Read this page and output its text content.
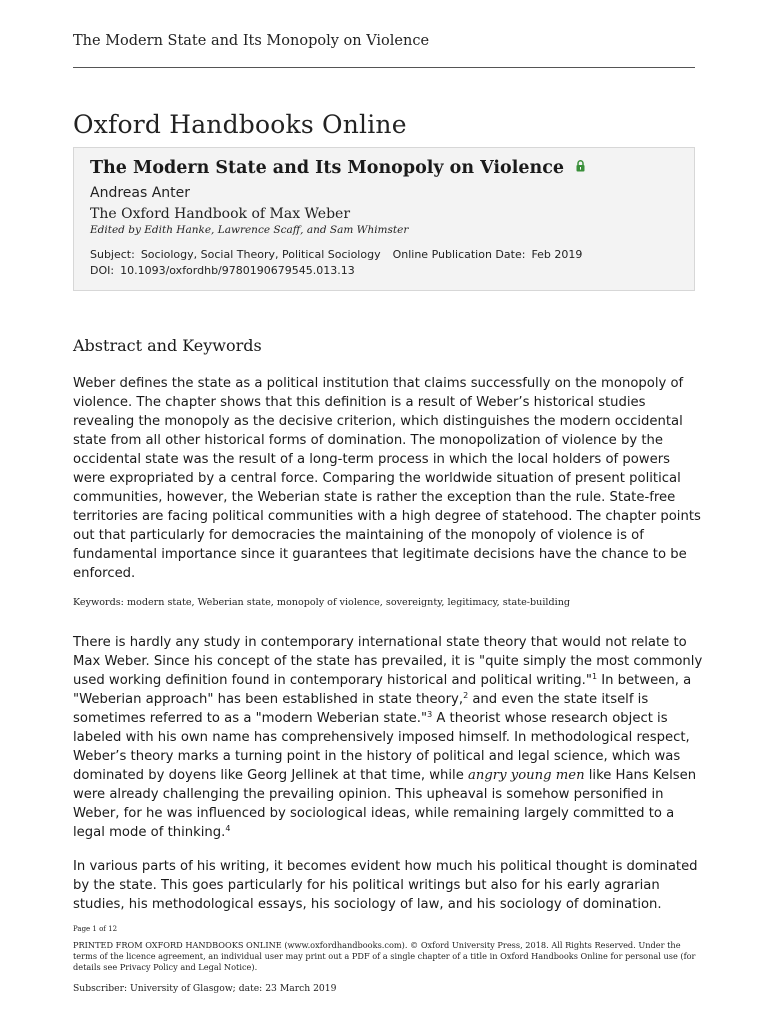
The Modern State and Its Monopoly on Violence
Oxford Handbooks Online
The Modern State and Its Monopoly on Violence
Andreas Anter
The Oxford Handbook of Max Weber
Edited by Edith Hanke, Lawrence Scaff, and Sam Whimster
Subject: Sociology, Social Theory, Political Sociology Online Publication Date: Feb 2019
DOI: 10.1093/oxfordhb/9780190679545.013.13
Abstract and Keywords

Weber defines the state as a political institution that claims successfully on the monopoly of violence. The chapter shows that this definition is a result of Weber’s historical studies revealing the monopoly as the decisive criterion, which distinguishes the modern occidental state from all other historical forms of domination. The monopolization of violence by the occidental state was the result of a long-term process in which the local holders of powers were expropriated by a central force. Comparing the worldwide situation of present political communities, however, the Weberian state is rather the exception than the rule. State-free territories are facing political communities with a high degree of statehood. The chapter points out that particularly for democracies the maintaining of the monopoly of violence is of fundamental importance since it guarantees that legitimate decisions have the chance to be enforced.

Keywords: modern state, Weberian state, monopoly of violence, sovereignty, legitimacy, state-building

There is hardly any study in contemporary international state theory that would not relate to Max Weber. Since his concept of the state has prevailed, it is "quite simply the most commonly used working definition found in contemporary historical and political writing."$^1$ In between, a "Weberian approach" has been established in state theory,$^2$ and even the state itself is sometimes referred to as a "modern Weberian state."$^3$ A theorist whose research object is labeled with his own name has comprehensively imposed himself. In methodological respect, Weber’s theory marks a turning point in the history of political and legal science, which was dominated by doyens like Georg Jellinek at that time, while angry young men like Hans Kelsen were already challenging the prevailing opinion. This upheaval is somehow personified in Weber, for he was influenced by sociological ideas, while remaining largely committed to a legal mode of thinking.$^4$

In various parts of his writing, it becomes evident how much his political thought is dominated by the state. This goes particularly for his political writings but also for his early agrarian studies, his methodological essays, his sociology of law, and his sociology of domination.

Page 1 of 12

PRINTED FROM OXFORD HANDBOOKS ONLINE (www.oxfordhandbooks.com). © Oxford University Press, 2018. All Rights Reserved. Under the terms of the licence agreement, an individual user may print out a PDF of a single chapter of a title in Oxford Handbooks Online for personal use (for details see Privacy Policy and Legal Notice).

Subscriber: University of Glasgow; date: 23 March 2019
